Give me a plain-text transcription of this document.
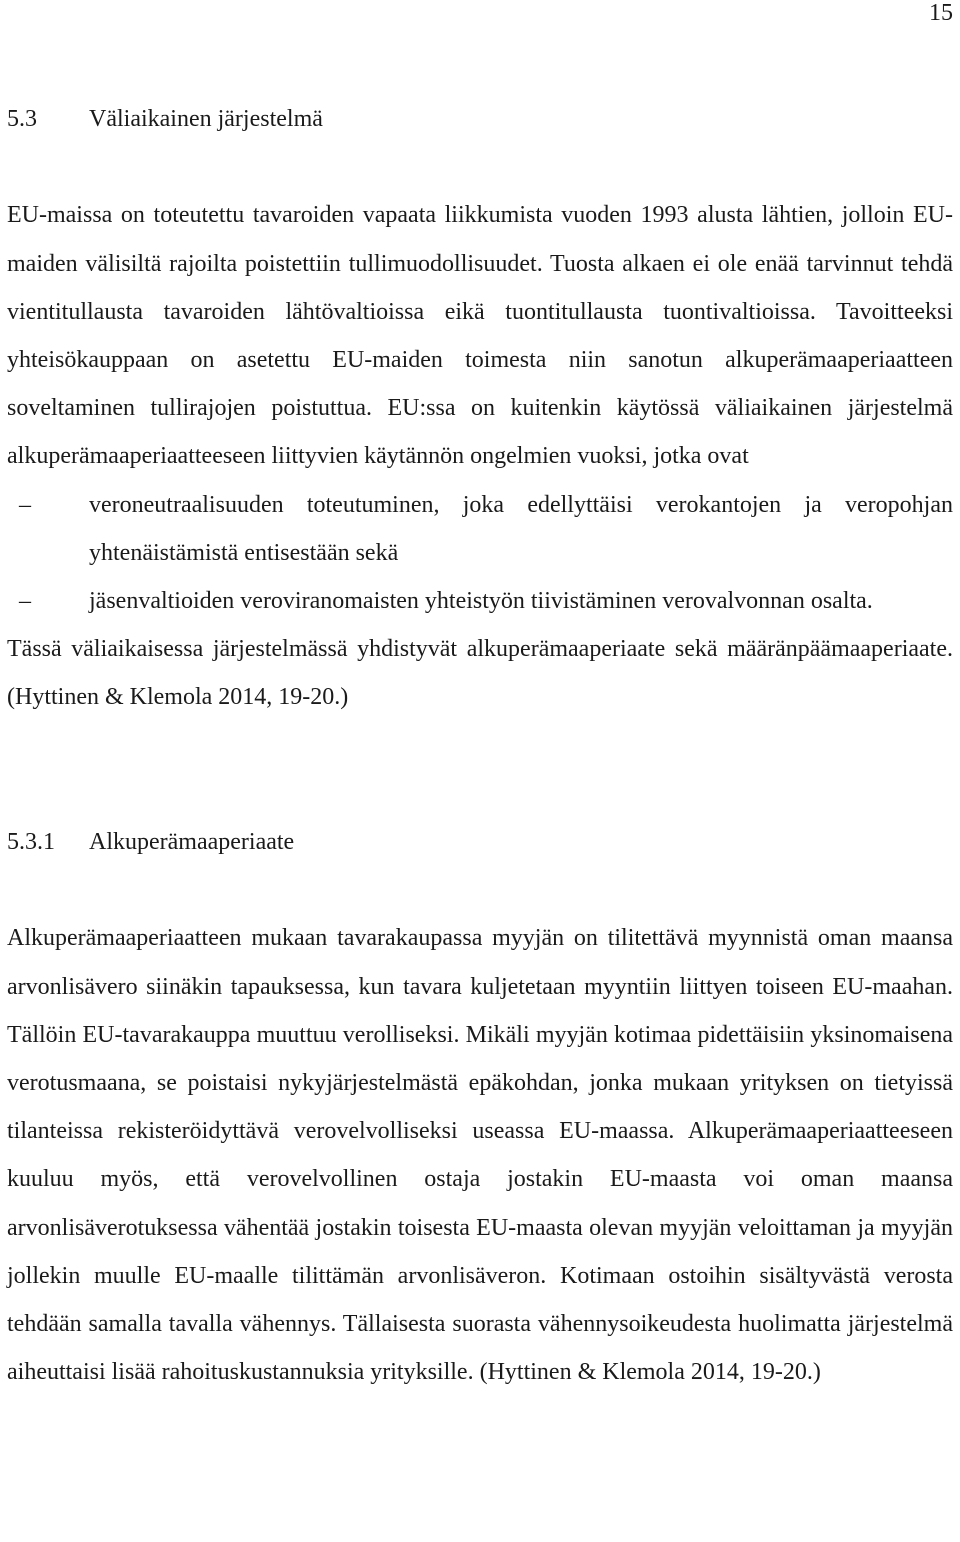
15
5.3	Väliaikainen järjestelmä

EU-maissa on toteutettu tavaroiden vapaata liikkumista vuoden 1993 alusta lähtien, jolloin EU-maiden välisiltä rajoilta poistettiin tullimuodollisuudet. Tuosta alkaen ei ole enää tarvinnut tehdä vientitullausta tavaroiden lähtövaltioissa eikä tuontitullausta tuontivaltioissa. Tavoitteeksi yhteisökauppaan on asetettu EU-maiden toimesta niin sanotun alkuperämaaperiaatteen soveltaminen tullirajojen poistuttua. EU:ssa on kuitenkin käytössä väliaikainen järjestelmä alkuperämaaperiaatteeseen liittyvien käytännön ongelmien vuoksi, jotka ovat

– veroneutraalisuuden toteutuminen, joka edellyttäisi verokantojen ja veropohjan yhtenäistämistä entisestään sekä
– jäsenvaltioiden veroviranomaisten yhteistyön tiivistäminen verovalvonnan osalta.

Tässä väliaikaisessa järjestelmässä yhdistyvät alkuperämaaperiaate sekä määränpäämaaperiaate. (Hyttinen & Klemola 2014, 19-20.)

5.3.1	Alkuperämaaperiaate

Alkuperämaaperiaatteen mukaan tavarakaupassa myyjän on tilitettävä myynnistä oman maansa arvonlisävero siinäkin tapauksessa, kun tavara kuljetetaan myyntiin liittyen toiseen EU-maahan. Tällöin EU-tavarakauppa muuttuu verolliseksi. Mikäli myyjän kotimaa pidettäisiin yksinomaisena verotusmaana, se poistaisi nykyjärjestelmästä epäkohdan, jonka mukaan yrityksen on tietyissä tilanteissa rekisteröidyttävä verovelvolliseksi useassa EU-maassa. Alkuperämaaperiaatteeseen kuuluu myös, että verovelvollinen ostaja jostakin EU-maasta voi oman maansa arvonlisäverotuksessa vähentää jostakin toisesta EU-maasta olevan myyjän veloittaman ja myyjän jollekin muulle EU-maalle tilittämän arvonlisäveron. Kotimaan ostoihin sisältyvästä verosta tehdään samalla tavalla vähennys. Tällaisesta suorasta vähennysoikeudesta huolimatta järjestelmä aiheuttaisi lisää rahoituskustannuksia yrityksille. (Hyttinen & Klemola 2014, 19-20.)
